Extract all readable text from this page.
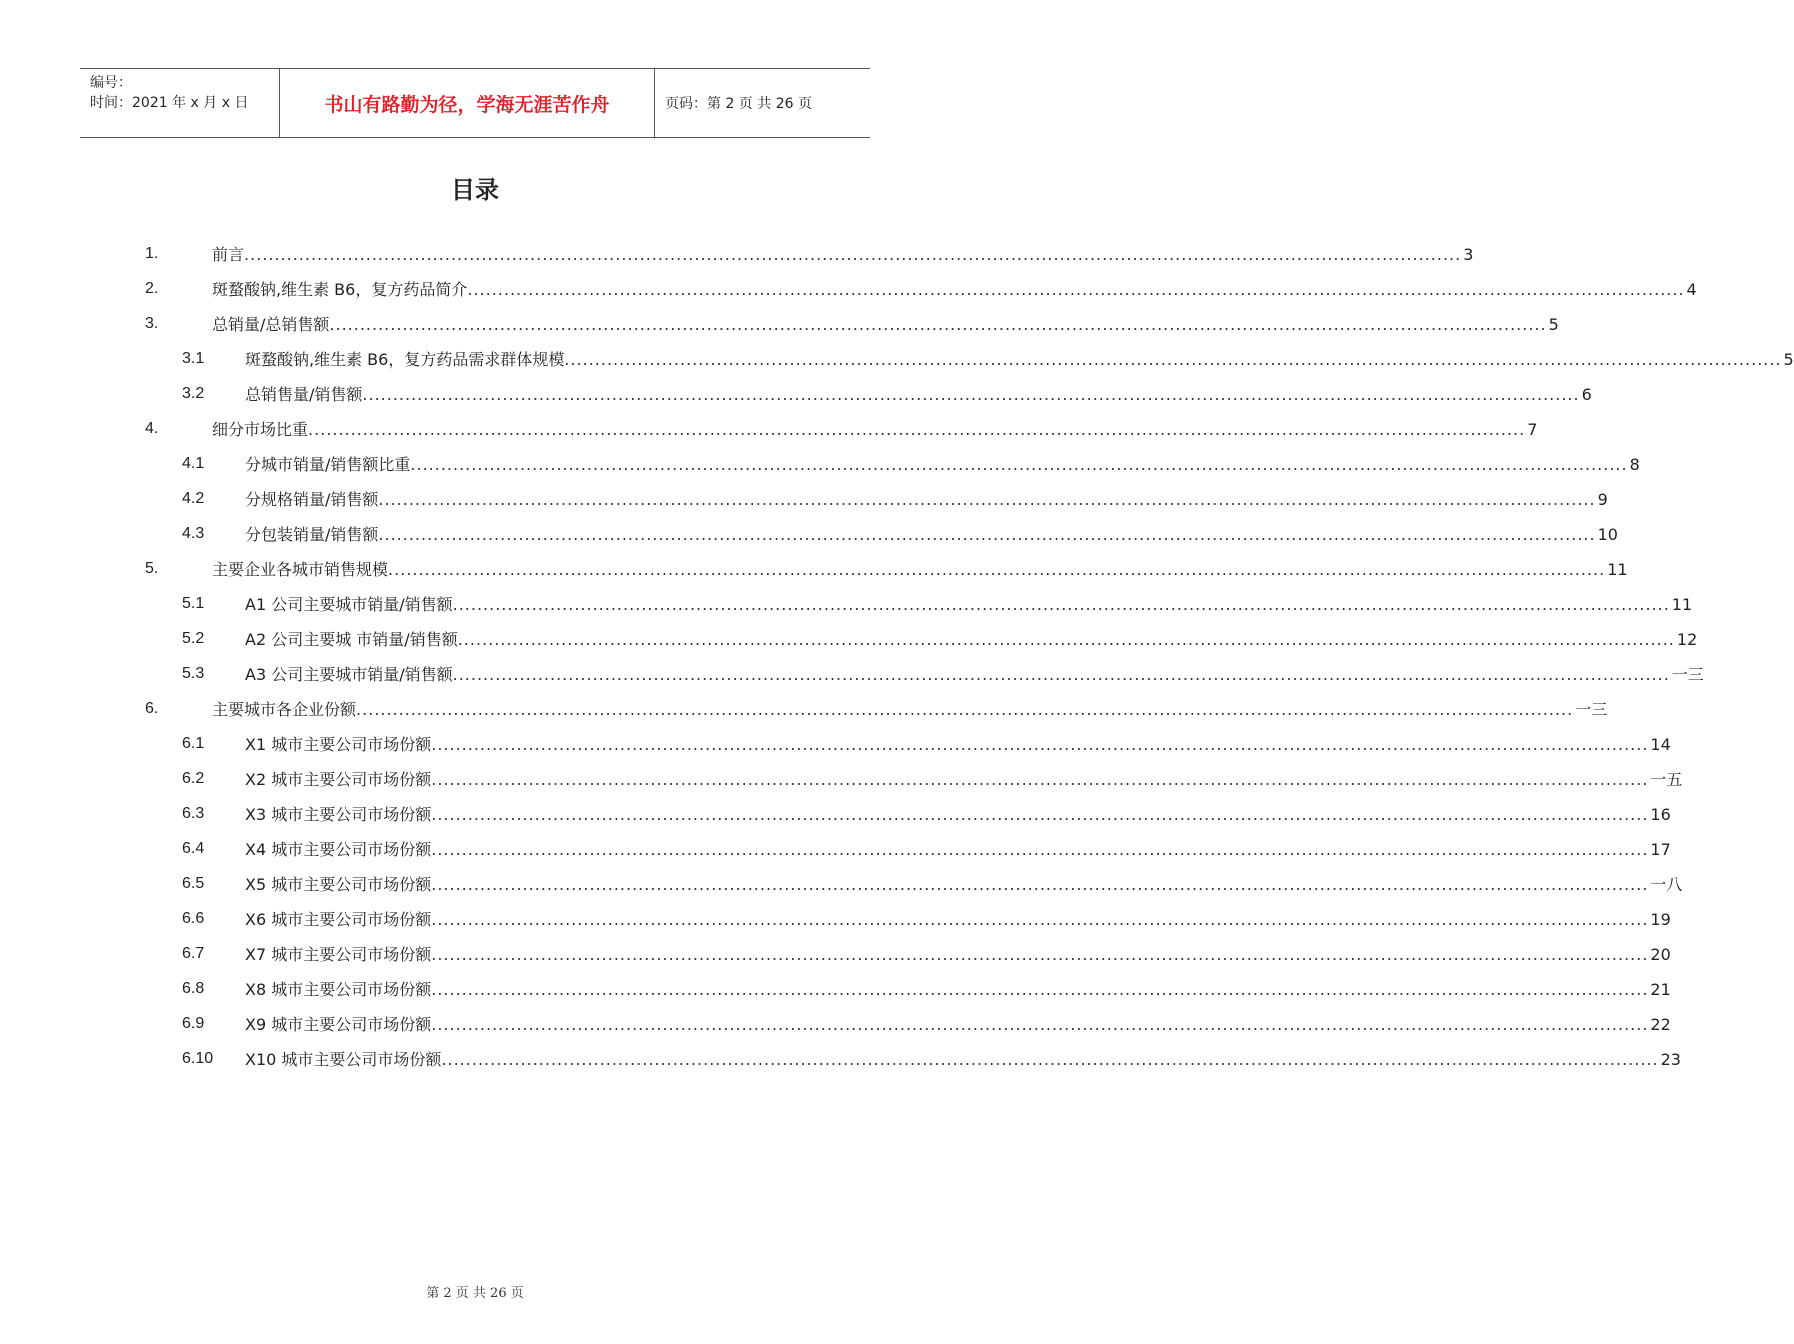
编号：
时间：2021 年 x 月 x 日	书山有路勤为径，学海无涯苦作舟	页码：第 2 页 共 26 页
目录
1.	前言 ........................................................................................................................................................................................................ 3
2.	斑蝥酸钠,维生素 B6，复方药品简介 ........................................................................................................................................................................................................ 4
3.	总销量/总销售额 ........................................................................................................................................................................................................ 5
3.1	斑蝥酸钠,维生素 B6，复方药品需求群体规模 ........................................................................................................................................................................................................ 5
3.2	总销售量/销售额 ........................................................................................................................................................................................................ 6
4.	细分市场比重 ........................................................................................................................................................................................................ 7
4.1	分城市销量/销售额比重 ........................................................................................................................................................................................................ 8
4.2	分规格销量/销售额 ........................................................................................................................................................................................................ 9
4.3	分包装销量/销售额 ........................................................................................................................................................................................................ 10
5.	主要企业各城市销售规模 ........................................................................................................................................................................................................ 11
5.1	A1 公司主要城市销量/销售额 ........................................................................................................................................................................................................ 11
5.2	A2 公司主要城 市销量/销售额 ........................................................................................................................................................................................................ 12
5.3	A3 公司主要城市销量/销售额 ........................................................................................................................................................................................................ 一三
6.	主要城市各企业份额 ........................................................................................................................................................................................................ 一三
6.1	X1 城市主要公司市场份额 ........................................................................................................................................................................................................ 14
6.2	X2 城市主要公司市场份额 ........................................................................................................................................................................................................ 一五
6.3	X3 城市主要公司市场份额 ........................................................................................................................................................................................................ 16
6.4	X4 城市主要公司市场份额 ........................................................................................................................................................................................................ 17
6.5	X5 城市主要公司市场份额 ........................................................................................................................................................................................................ 一八
6.6	X6 城市主要公司市场份额 ........................................................................................................................................................................................................ 19
6.7	X7 城市主要公司市场份额 ........................................................................................................................................................................................................ 20
6.8	X8 城市主要公司市场份额 ........................................................................................................................................................................................................ 21
6.9	X9 城市主要公司市场份额 ........................................................................................................................................................................................................ 22
6.10 X10 城市主要公司市场份额 ........................................................................................................................................................................................................ 23
第 2 页 共 26 页
